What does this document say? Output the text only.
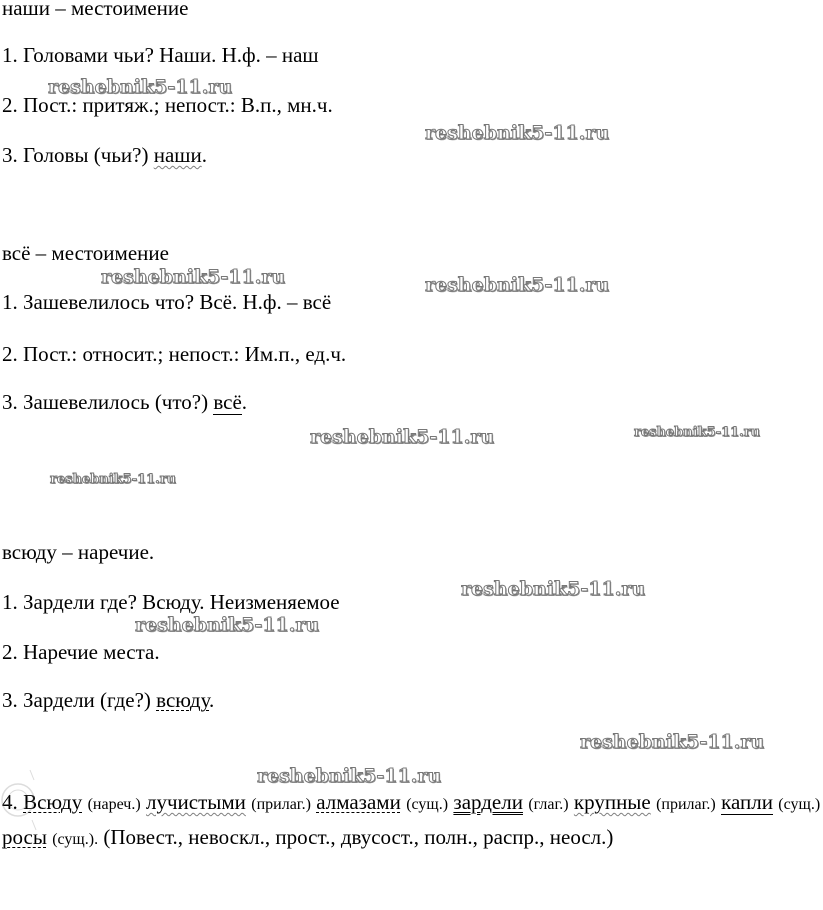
наши – местоимение
1. Головами чьи? Наши. Н.ф. – наш
2. Пост.: притяж.; непост.: В.п., мн.ч.
3. Головы (чьи?) наши.
всё – местоимение
1. Зашевелилось что? Всё. Н.ф. – всё
2. Пост.: относит.; непост.: Им.п., ед.ч.
3. Зашевелилось (что?) всё.
всюду – наречие.
1. Зардели где? Всюду. Неизменяемое
2. Наречие места.
3. Зардели (где?) всюду.
4. Всюду (нареч.) лучистыми (прилаг.) алмазами (сущ.) зардели (глаг.) крупные (прилаг.) капли (сущ.) росы (сущ.). (Повест., невоскл., прост., двусост., полн., распр., неосл.)
reshebnik5-11.ru
reshebnik5-11.ru
reshebnik5-11.ru	reshebnik5-11.ru
reshebnik5-11.ru	reshebnik5-11.ru
reshebnik5-11.ru
reshebnik5-11.ru
reshebnik5-11.ru
reshebnik5-11.ru
reshebnik5-11.ru
